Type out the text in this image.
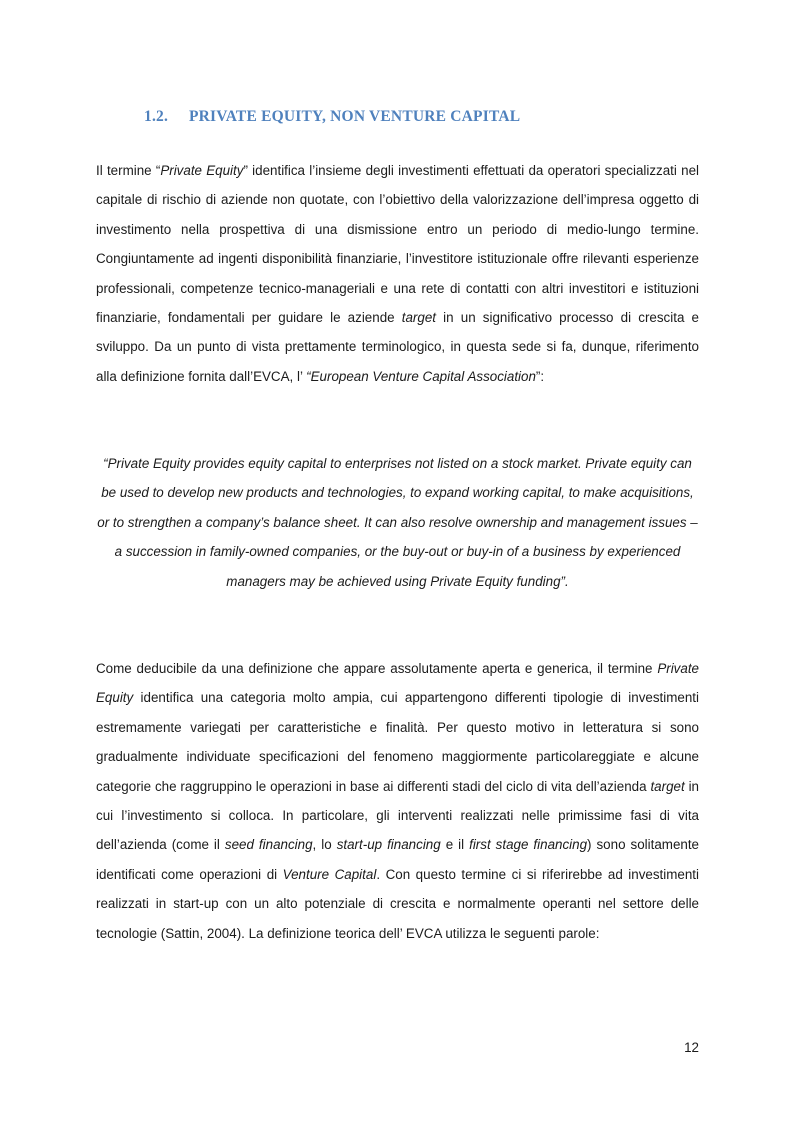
1.2. PRIVATE EQUITY, NON VENTURE CAPITAL

Il termine “Private Equity” identifica l’insieme degli investimenti effettuati da operatori specializzati nel capitale di rischio di aziende non quotate, con l’obiettivo della valorizzazione dell’impresa oggetto di investimento nella prospettiva di una dismissione entro un periodo di medio-lungo termine. Congiuntamente ad ingenti disponibilità finanziarie, l’investitore istituzionale offre rilevanti esperienze professionali, competenze tecnico-manageriali e una rete di contatti con altri investitori e istituzioni finanziarie, fondamentali per guidare le aziende target in un significativo processo di crescita e sviluppo. Da un punto di vista prettamente terminologico, in questa sede si fa, dunque, riferimento alla definizione fornita dall’EVCA, l’ “European Venture Capital Association”:

“Private Equity provides equity capital to enterprises not listed on a stock market. Private equity can be used to develop new products and technologies, to expand working capital, to make acquisitions, or to strengthen a company’s balance sheet. It can also resolve ownership and management issues – a succession in family-owned companies, or the buy-out or buy-in of a business by experienced managers may be achieved using Private Equity funding”.

Come deducibile da una definizione che appare assolutamente aperta e generica, il termine Private Equity identifica una categoria molto ampia, cui appartengono differenti tipologie di investimenti estremamente variegati per caratteristiche e finalità. Per questo motivo in letteratura si sono gradualmente individuate specificazioni del fenomeno maggiormente particolareggiate e alcune categorie che raggruppino le operazioni in base ai differenti stadi del ciclo di vita dell’azienda target in cui l’investimento si colloca. In particolare, gli interventi realizzati nelle primissime fasi di vita dell’azienda (come il seed financing, lo start-up financing e il first stage financing) sono solitamente identificati come operazioni di Venture Capital. Con questo termine ci si riferirebbe ad investimenti realizzati in start-up con un alto potenziale di crescita e normalmente operanti nel settore delle tecnologie (Sattin, 2004). La definizione teorica dell’ EVCA utilizza le seguenti parole:

12
